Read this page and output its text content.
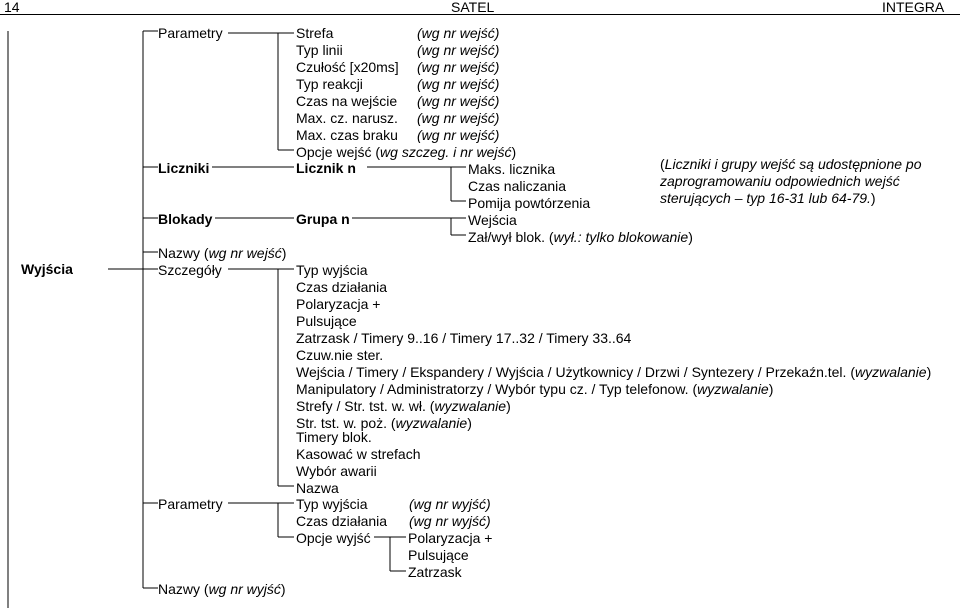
14	SATEL	INTEGRA
Wyjścia
Parametry	Strefa	(wg nr wejść)
Typ linii	(wg nr wejść)
Czułość [x20ms] (wg nr wejść)
Typ reakcji	(wg nr wejść)
Czas na wejście (wg nr wejść)
Max. cz. narusz. (wg nr wejść)
Max. czas braku (wg nr wejść)
Opcje wejść (wg szczeg. i nr wejść)
Liczniki	Licznik n	Maks. licznika
Czas naliczania
Pomija powtórzenia
(Liczniki i grupy wejść są udostępnione po
zaprogramowaniu odpowiednich wejść
sterujących – typ 16-31 lub 64-79.)
Blokady	Grupa n	Wejścia
Zał/wył blok. (wył.: tylko blokowanie)
Nazwy (wg nr wejść)
Szczegóły	Typ wyjścia
Czas działania
Polaryzacja +
Pulsujące
Zatrzask / Timery 9..16 / Timery 17..32 / Timery 33..64
Czuw.nie ster.
Wejścia / Timery / Ekspandery / Wyjścia / Użytkownicy / Drzwi / Syntezery / Przekaźn.tel. (wyzwalanie)
Manipulatory / Administratorzy / Wybór typu cz. / Typ telefonow. (wyzwalanie)
Strefy / Str. tst. w. wł. (wyzwalanie)
Str. tst. w. poż. (wyzwalanie)
Timery blok.
Kasować w strefach
Wybór awarii
Nazwa
Parametry	Typ wyjścia	(wg nr wyjść)
Czas działania (wg nr wyjść)
Opcje wyjść	Polaryzacja +
Pulsujące
Zatrzask
Nazwy (wg nr wyjść)
